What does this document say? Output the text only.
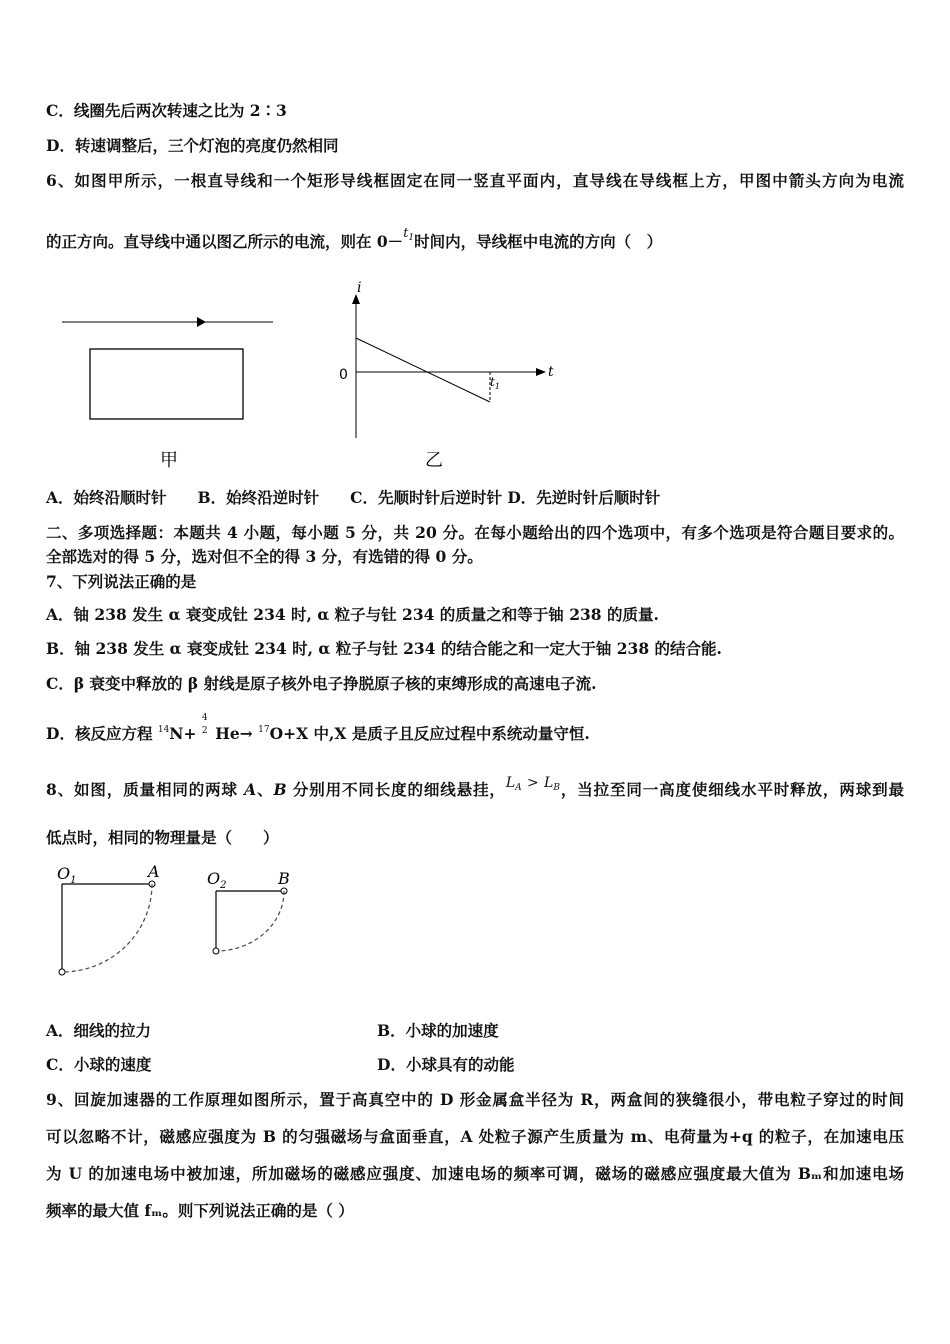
C．线圈先后两次转速之比为 2∶3
D．转速调整后，三个灯泡的亮度仍然相同
6、如图甲所示，一根直导线和一个矩形导线框固定在同一竖直平面内，直导线在导线框上方，甲图中箭头方向为电流
的正方向。直导线中通以图乙所示的电流，则在 0－$^{t_1}$时间内，导线框中电流的方向（　）
甲
i
t
0	$t_1$
乙
A．始终沿顺时针　　B．始终沿逆时针　　C．先顺时针后逆时针 D．先逆时针后顺时针
二、多项选择题：本题共 4 小题，每小题 5 分，共 20 分。在每小题给出的四个选项中，有多个选项是符合题目要求的。
全部选对的得 5 分，选对但不全的得 3 分，有选错的得 0 分。
7、下列说法正确的是
A．铀 238 发生 α 衰变成钍 234 时, α 粒子与钍 234 的质量之和等于铀 238 的质量.
B．铀 238 发生 α 衰变成钍 234 时, α 粒子与钍 234 的结合能之和一定大于铀 238 的结合能.
C．β 衰变中释放的 β 射线是原子核外电子挣脱原子核的束缚形成的高速电子流.
D．核反应方程 $^{14}$N+
4
2 He→ $^{17}$O+X 中,X 是质子且反应过程中系统动量守恒.
8、如图，质量相同的两球 A、B 分别用不同长度的细线悬挂，$L_A > L_B$，当拉至同一高度使细线水平时释放，两球到最
低点时，相同的物理量是（　　）
$O_1$	A	$O_2$	B
A．细线的拉力	B．小球的加速度
C．小球的速度	D．小球具有的动能
9、回旋加速器的工作原理如图所示，置于高真空中的 D 形金属盒半径为 R，两盒间的狭缝很小，带电粒子穿过的时间
可以忽略不计，磁感应强度为 B 的匀强磁场与盒面垂直，A 处粒子源产生质量为 m、电荷量为+q 的粒子，在加速电压
为 U 的加速电场中被加速，所加磁场的磁感应强度、加速电场的频率可调，磁场的磁感应强度最大值为 Bₘ和加速电场
频率的最大值 fₘ。则下列说法正确的是（ ）
